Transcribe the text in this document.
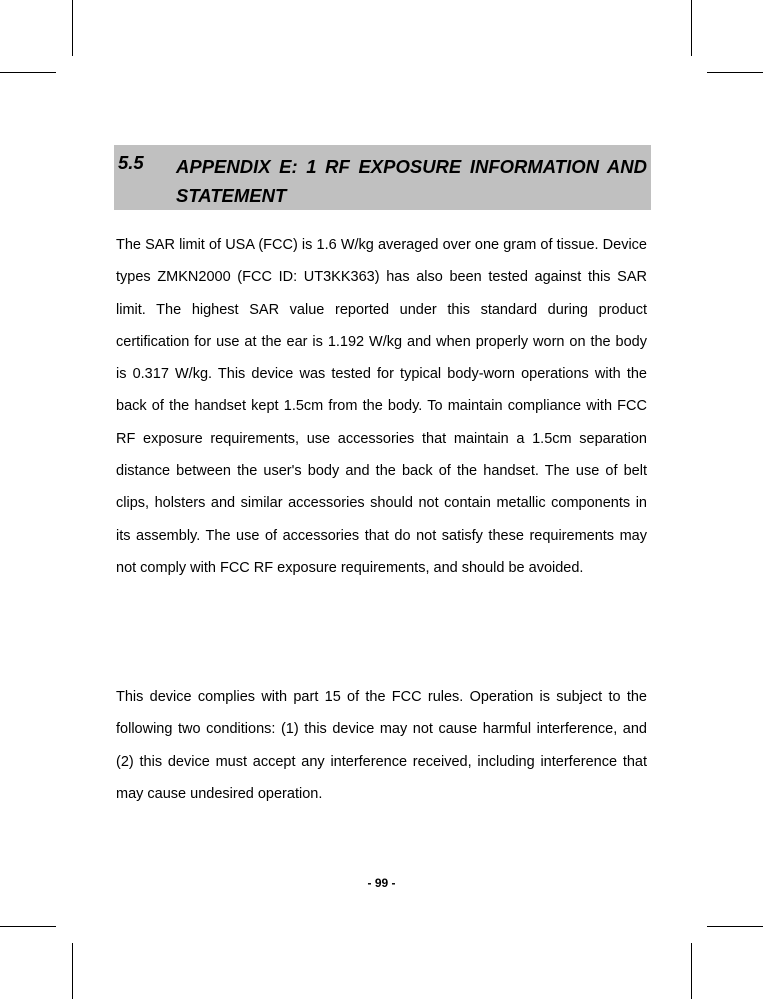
5.5 APPENDIX E: 1 RF EXPOSURE INFORMATION AND STATEMENT
The SAR limit of USA (FCC) is 1.6 W/kg averaged over one gram of tissue. Device types ZMKN2000 (FCC ID: UT3KK363) has also been tested against this SAR limit. The highest SAR value reported under this standard during product certification for use at the ear is 1.192 W/kg and when properly worn on the body is 0.317 W/kg. This device was tested for typical body-worn operations with the back of the handset kept 1.5cm from the body. To maintain compliance with FCC RF exposure requirements, use accessories that maintain a 1.5cm separation distance between the user's body and the back of the handset. The use of belt clips, holsters and similar accessories should not contain metallic components in its assembly. The use of accessories that do not satisfy these requirements may not comply with FCC RF exposure requirements, and should be avoided.
This device complies with part 15 of the FCC rules. Operation is subject to the following two conditions: (1) this device may not cause harmful interference, and (2) this device must accept any interference received, including interference that may cause undesired operation.
- 99 -
